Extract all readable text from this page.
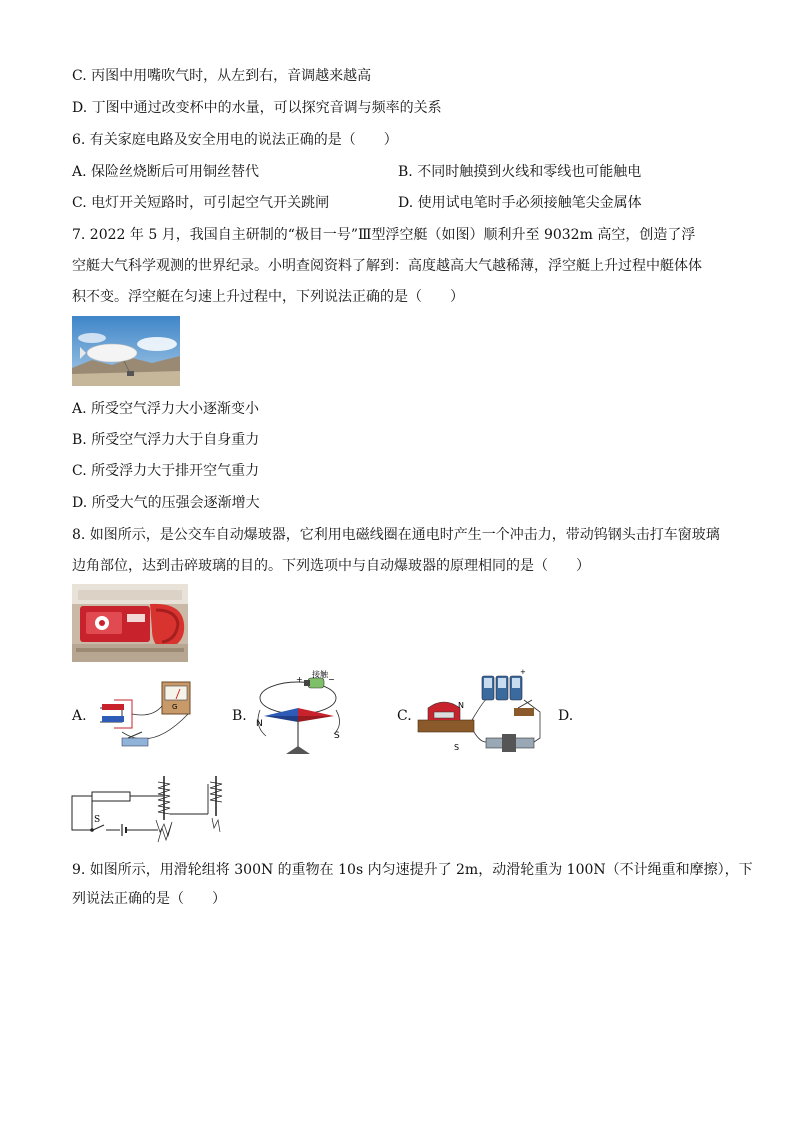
C. 丙图中用嘴吹气时，从左到右，音调越来越高
D. 丁图中通过改变杯中的水量，可以探究音调与频率的关系
6. 有关家庭电路及安全用电的说法正确的是（　　）
A. 保险丝烧断后可用铜丝替代	B. 不同时触摸到火线和零线也可能触电
C. 电灯开关短路时，可引起空气开关跳闸	D. 使用试电笔时手必须接触笔尖金属体
7. 2022 年 5 月，我国自主研制的“极目一号”Ⅲ型浮空艇（如图）顺利升至 9032m 高空，创造了浮
空艇大气科学观测的世界纪录。小明查阅资料了解到：高度越高大气越稀薄，浮空艇上升过程中艇体体
积不变。浮空艇在匀速上升过程中，下列说法正确的是（　　）
A. 所受空气浮力大小逐渐变小
B. 所受空气浮力大于自身重力
C. 所受浮力大于排开空气重力
D. 所受大气的压强会逐渐增大
8. 如图所示，是公交车自动爆玻器，它利用电磁线圈在通电时产生一个冲击力，带动钨钢头击打车窗玻璃
边角部位，达到击碎玻璃的目的。下列选项中与自动爆玻器的原理相同的是（　　）
A.
G
B.
+	−
接触
N
S
C.
+
N
S
D.
S
9. 如图所示，用滑轮组将 300N 的重物在 10s 内匀速提升了 2m，动滑轮重为 100N（不计绳重和摩擦），下
列说法正确的是（　　）
